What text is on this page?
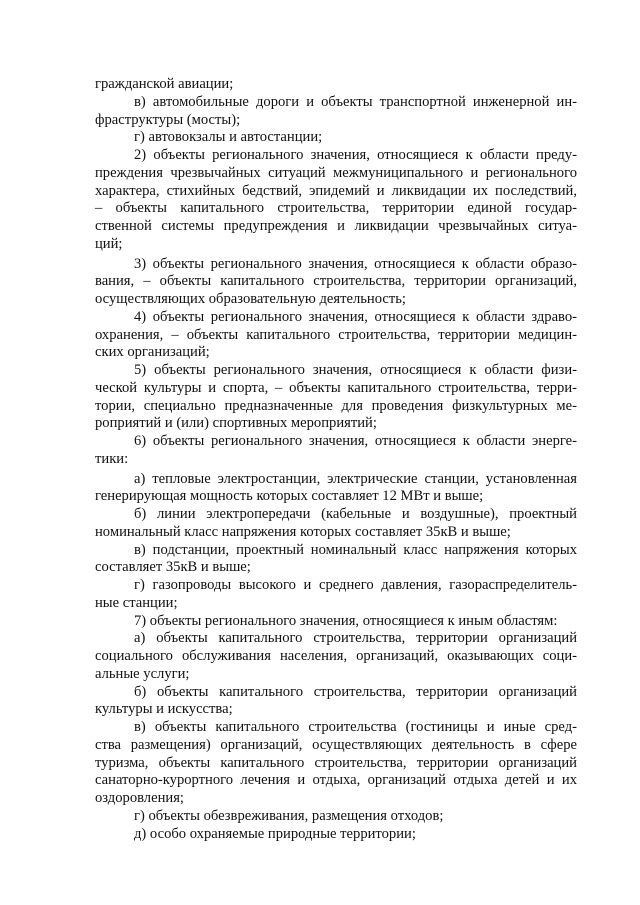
гражданской авиации;
в) автомобильные дороги и объекты транспортной инженерной ин-
фраструктуры (мосты);
г) автовокзалы и автостанции;
2) объекты регионального значения, относящиеся к области преду-
преждения чрезвычайных ситуаций межмуниципального и регионального
характера, стихийных бедствий, эпидемий и ликвидации их последствий,
– объекты капитального строительства, территории единой государ-
ственной системы предупреждения и ликвидации чрезвычайных ситуа-
ций;
3) объекты регионального значения, относящиеся к области образо-
вания, – объекты капитального строительства, территории организаций,
осуществляющих образовательную деятельность;
4) объекты регионального значения, относящиеся к области здраво-
охранения, – объекты капитального строительства, территории медицин-
ских организаций;
5) объекты регионального значения, относящиеся к области физи-
ческой культуры и спорта, – объекты капитального строительства, терри-
тории, специально предназначенные для проведения физкультурных ме-
роприятий и (или) спортивных мероприятий;
6) объекты регионального значения, относящиеся к области энерге-
тики:
а) тепловые электростанции, электрические станции, установленная
генерирующая мощность которых составляет 12 МВт и выше;
б) линии электропередачи (кабельные и воздушные), проектный
номинальный класс напряжения которых составляет 35кВ и выше;
в) подстанции, проектный номинальный класс напряжения которых
составляет 35кВ и выше;
г) газопроводы высокого и среднего давления, газораспределитель-
ные станции;
7) объекты регионального значения, относящиеся к иным областям:
а) объекты капитального строительства, территории организаций
социального обслуживания населения, организаций, оказывающих соци-
альные услуги;
б) объекты капитального строительства, территории организаций
культуры и искусства;
в) объекты капитального строительства (гостиницы и иные сред-
ства размещения) организаций, осуществляющих деятельность в сфере
туризма, объекты капитального строительства, территории организаций
санаторно-курортного лечения и отдыха, организаций отдыха детей и их
оздоровления;
г) объекты обезвреживания, размещения отходов;
д) особо охраняемые природные территории;
